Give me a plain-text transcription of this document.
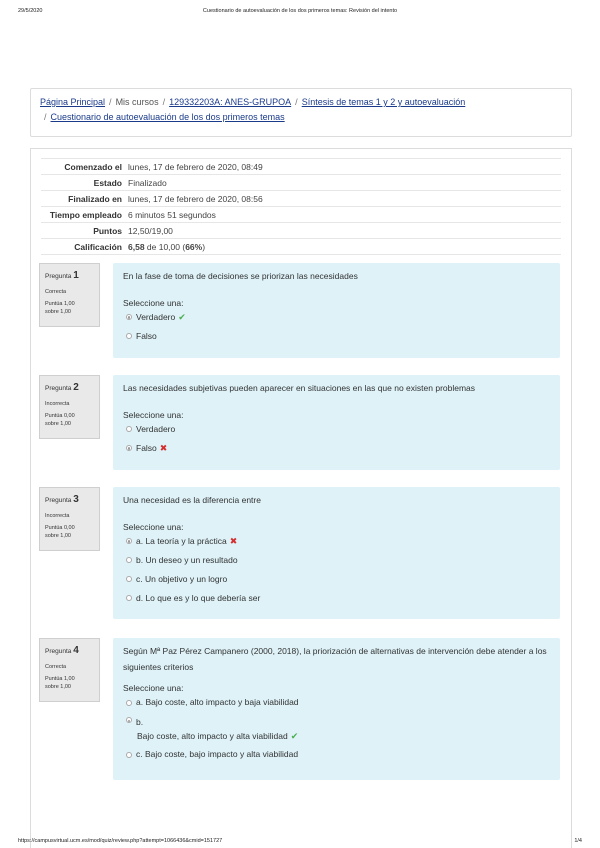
29/5/2020	Cuestionario de autoevaluación de los dos primeros temas: Revisión del intento
Página Principal / Mis cursos / 129332203A: ANES-GRUPOA / Síntesis de temas 1 y 2 y autoevaluación
/ Cuestionario de autoevaluación de los dos primeros temas
Comenzado el	lunes, 17 de febrero de 2020, 08:49
Estado	Finalizado
Finalizado en	lunes, 17 de febrero de 2020, 08:56
Tiempo empleado	6 minutos 51 segundos
Puntos	12,50/19,00
Calificación	6,58 de 10,00 (66%)
Pregunta 1
Correcta
Puntúa 1,00
sobre 1,00
En la fase de toma de decisiones se priorizan las necesidades
Seleccione una:
Verdadero ✔
Falso
Pregunta 2
Incorrecta
Puntúa 0,00
sobre 1,00
Las necesidades subjetivas pueden aparecer en situaciones en las que no existen problemas
Seleccione una:
Verdadero
Falso ✖
Pregunta 3
Incorrecta
Puntúa 0,00
sobre 1,00
Una necesidad es la diferencia entre
Seleccione una:
a. La teoría y la práctica ✖
b. Un deseo y un resultado
c. Un objetivo y un logro
d. Lo que es y lo que debería ser
Pregunta 4
Correcta
Puntúa 1,00
sobre 1,00
Según Mª Paz Pérez Campanero (2000, 2018), la priorización de alternativas de intervención debe atender a los siguientes criterios
Seleccione una:
a. Bajo coste, alto impacto y baja viabilidad
b.
Bajo coste, alto impacto y alta viabilidad ✔
c. Bajo coste, bajo impacto y alta viabilidad
https://campusvirtual.ucm.es/mod/quiz/review.php?attempt=1066436&cmid=151727	1/4
